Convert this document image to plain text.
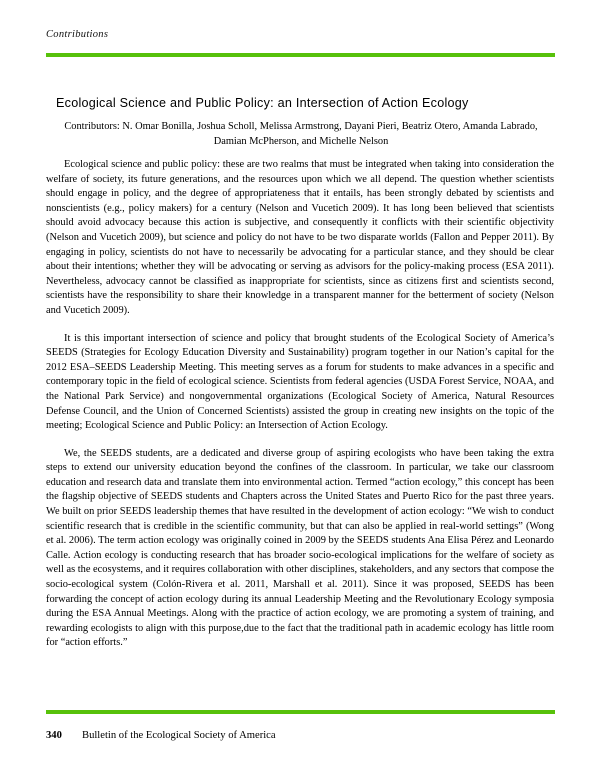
Contributions
Ecological Science and Public Policy: an Intersection of Action Ecology
Contributors: N. Omar Bonilla, Joshua Scholl, Melissa Armstrong, Dayani Pieri, Beatriz Otero, Amanda Labrado, Damian McPherson, and Michelle Nelson

Ecological science and public policy: these are two realms that must be integrated when taking into consideration the welfare of society, its future generations, and the resources upon which we all depend. The question whether scientists should engage in policy, and the degree of appropriateness that it entails, has been strongly debated by scientists and nonscientists (e.g., policy makers) for a century (Nelson and Vucetich 2009). It has long been believed that scientists should avoid advocacy because this action is subjective, and consequently it conflicts with their scientific objectivity (Nelson and Vucetich 2009), but science and policy do not have to be two disparate worlds (Fallon and Pepper 2011). By engaging in policy, scientists do not have to necessarily be advocating for a particular stance, and they should be clear about their intentions; whether they will be advocating or serving as advisors for the policy-making process (ESA 2011). Nevertheless, advocacy cannot be classified as inappropriate for scientists, since as citizens first and scientists second, scientists have the responsibility to share their knowledge in a transparent manner for the betterment of society (Nelson and Vucetich 2009).

It is this important intersection of science and policy that brought students of the Ecological Society of America’s SEEDS (Strategies for Ecology Education Diversity and Sustainability) program together in our Nation’s capital for the 2012 ESA–SEEDS Leadership Meeting. This meeting serves as a forum for students to make advances in a specific and contemporary topic in the field of ecological science. Scientists from federal agencies (USDA Forest Service, NOAA, and the National Park Service) and nongovernmental organizations (Ecological Society of America, Natural Resources Defense Council, and the Union of Concerned Scientists) assisted the group in creating new insights on the topic of the meeting; Ecological Science and Public Policy: an Intersection of Action Ecology.

We, the SEEDS students, are a dedicated and diverse group of aspiring ecologists who have been taking the extra steps to extend our university education beyond the confines of the classroom. In particular, we take our classroom education and research data and translate them into environmental action. Termed “action ecology,” this concept has been the flagship objective of SEEDS students and Chapters across the United States and Puerto Rico for the past three years. We built on prior SEEDS leadership themes that have resulted in the development of action ecology: “We wish to conduct scientific research that is credible in the scientific community, but that can also be applied in real-world settings” (Wong et al. 2006). The term action ecology was originally coined in 2009 by the SEEDS students Ana Elisa Pérez and Leonardo Calle. Action ecology is conducting research that has broader socio-ecological implications for the welfare of society as well as the ecosystems, and it requires collaboration with other disciplines, stakeholders, and any sectors that compose the socio-ecological system (Colón-Rivera et al. 2011, Marshall et al. 2011). Since it was proposed, SEEDS has been forwarding the concept of action ecology during its annual Leadership Meeting and the Revolutionary Ecology symposia during the ESA Annual Meetings. Along with the practice of action ecology, we are promoting a system of training, and rewarding ecologists to align with this purpose,due to the fact that the traditional path in academic ecology has little room for “action efforts.”

340	Bulletin of the Ecological Society of America
